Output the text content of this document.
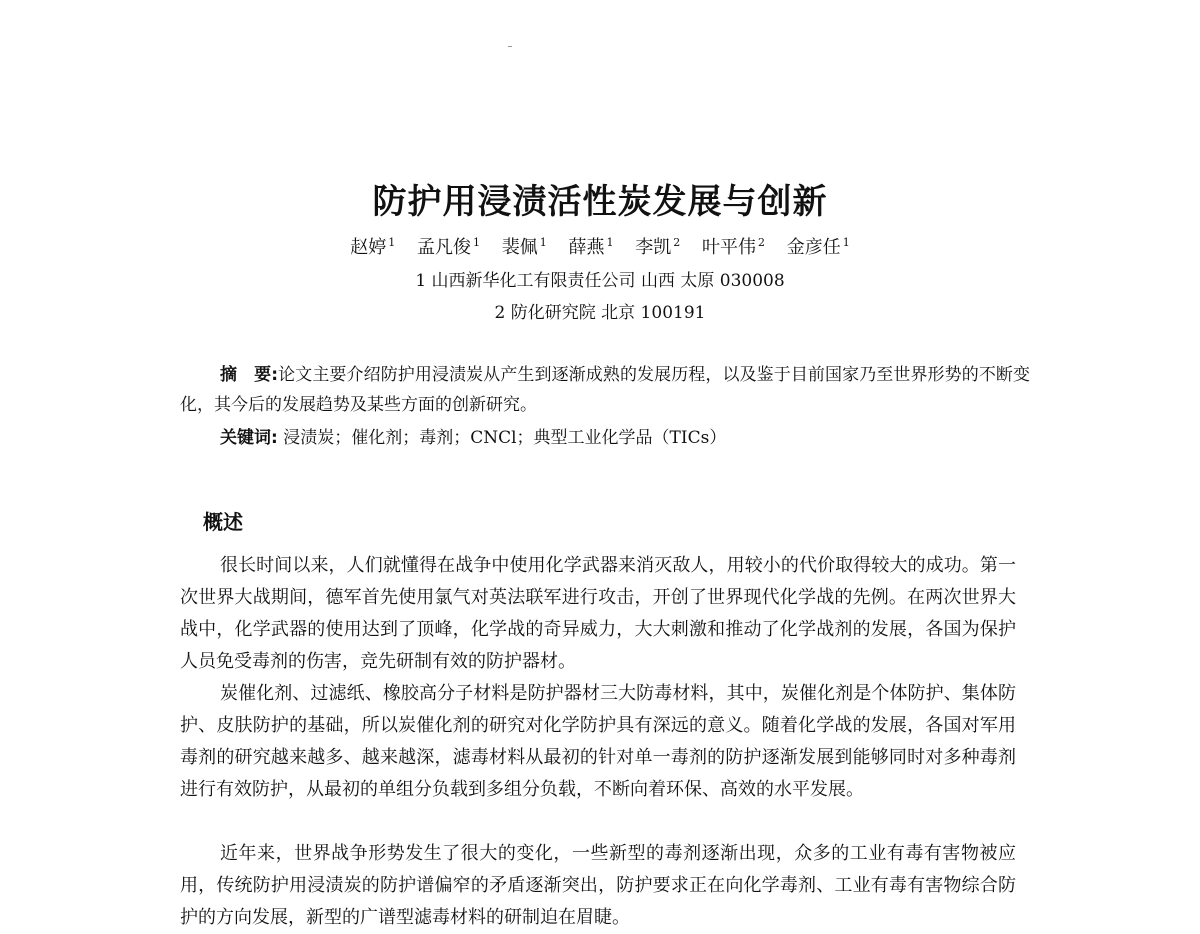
防护用浸渍活性炭发展与创新
赵婷 $^1$ 孟凡俊 $^1$ 裴佩 $^1$ 薛燕 $^1$ 李凯 $^2$ 叶平伟 $^2$ 金彦任 $^1$
1 山西新华化工有限责任公司 山西 太原 030008
2 防化研究院 北京 100191
摘　要:论文主要介绍防护用浸渍炭从产生到逐渐成熟的发展历程，以及鉴于目前国家乃至世界形势的不断变化，其今后的发展趋势及某些方面的创新研究。
关键词: 浸渍炭；催化剂；毒剂；CNCl；典型工业化学品（TICs）
概述

很长时间以来，人们就懂得在战争中使用化学武器来消灭敌人，用较小的代价取得较大的成功。第一次世界大战期间，德军首先使用氯气对英法联军进行攻击，开创了世界现代化学战的先例。在两次世界大战中，化学武器的使用达到了顶峰，化学战的奇异威力，大大刺激和推动了化学战剂的发展，各国为保护人员免受毒剂的伤害，竞先研制有效的防护器材。

炭催化剂、过滤纸、橡胶高分子材料是防护器材三大防毒材料，其中，炭催化剂是个体防护、集体防护、皮肤防护的基础，所以炭催化剂的研究对化学防护具有深远的意义。随着化学战的发展，各国对军用毒剂的研究越来越多、越来越深，滤毒材料从最初的针对单一毒剂的防护逐渐发展到能够同时对多种毒剂进行有效防护，从最初的单组分负载到多组分负载，不断向着环保、高效的水平发展。

近年来，世界战争形势发生了很大的变化，一些新型的毒剂逐渐出现，众多的工业有毒有害物被应用，传统防护用浸渍炭的防护谱偏窄的矛盾逐渐突出，防护要求正在向化学毒剂、工业有毒有害物综合防护的方向发展，新型的广谱型滤毒材料的研制迫在眉睫。
